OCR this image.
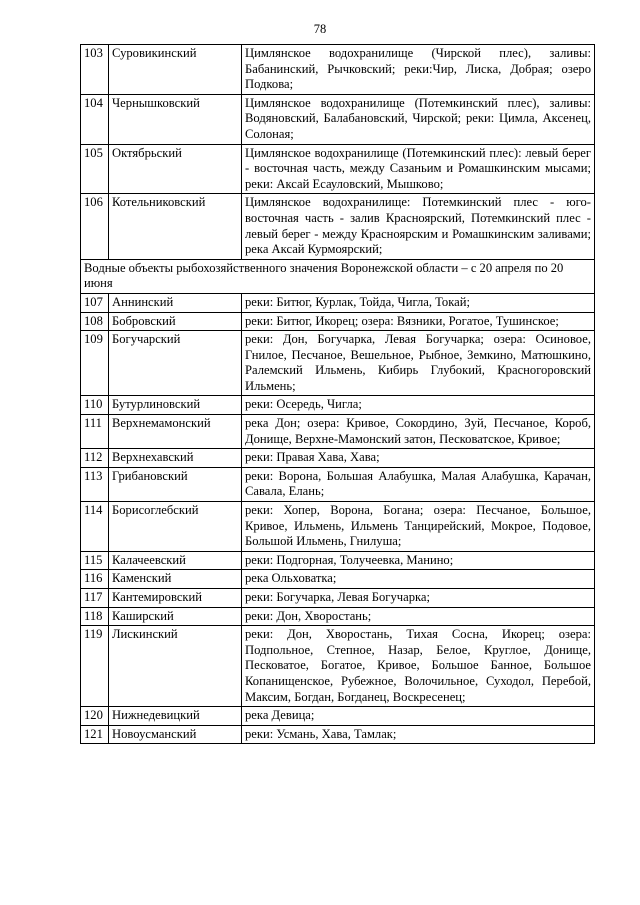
78
103	Суровикинский	Цимлянское водохранилище (Чирской плес), заливы: Бабанинский, Рычковский; реки:Чир, Лиска, Добрая; озеро Подкова;
104	Чернышковский	Цимлянское водохранилище (Потемкинский плес), заливы: Водяновский, Балабановский, Чирской; реки: Цимла, Аксенец, Солоная;
105	Октябрьский	Цимлянское водохранилище (Потемкинский плес): левый берег - восточная часть, между Сазаньим и Ромашкинским мысами; реки: Аксай Есауловский, Мышково;
106	Котельниковский	Цимлянское водохранилище: Потемкинский плес - юго-восточная часть - залив Красноярский, Потемкинский плес - левый берег - между Красноярским и Ромашкинским заливами; река Аксай Курмоярский;
Водные объекты рыбохозяйственного значения Воронежской области – с 20 апреля по 20 июня		
107	Аннинский	реки: Битюг, Курлак, Тойда, Чигла, Токай;
108	Бобровский	реки: Битюг, Икорец; озера: Вязники, Рогатое, Тушинское;
109	Богучарский	реки: Дон, Богучарка, Левая Богучарка; озера: Осиновое, Гнилое, Песчаное, Вешельное, Рыбное, Земкино, Матюшкино, Ралемский Ильмень, Кибирь Глубокий, Красногоровский Ильмень;
110	Бутурлиновский	реки: Осередь, Чигла;
111	Верхнемамонский	река Дон; озера: Кривое, Сокордино, Зуй, Песчаное, Короб, Донище, Верхне-Мамонский затон, Песковатское, Кривое;
112	Верхнехавский	реки: Правая Хава, Хава;
113	Грибановский	реки: Ворона, Большая Алабушка, Малая Алабушка, Карачан, Савала, Елань;
114	Борисоглебский	реки: Хопер, Ворона, Богана; озера: Песчаное, Большое, Кривое, Ильмень, Ильмень Танцирейский, Мокрое, Подовое, Большой Ильмень, Гнилуша;
115	Калачеевский	реки: Подгорная, Толучеевка, Манино;
116	Каменский	река Ольховатка;
117	Кантемировский	реки: Богучарка, Левая Богучарка;
118	Каширский	реки: Дон, Хворостань;
119	Лискинский	реки: Дон, Хворостань, Тихая Сосна, Икорец; озера: Подпольное, Степное, Назар, Белое, Круглое, Донище, Песковатое, Богатое, Кривое, Большое Банное, Большое Копанищенское, Рубежное, Волочильное, Суходол, Перебой, Максим, Богдан, Богданец, Воскресенец;
120	Нижнедевицкий	река Девица;
121	Новоусманский	реки: Усмань, Хава, Тамлак;
